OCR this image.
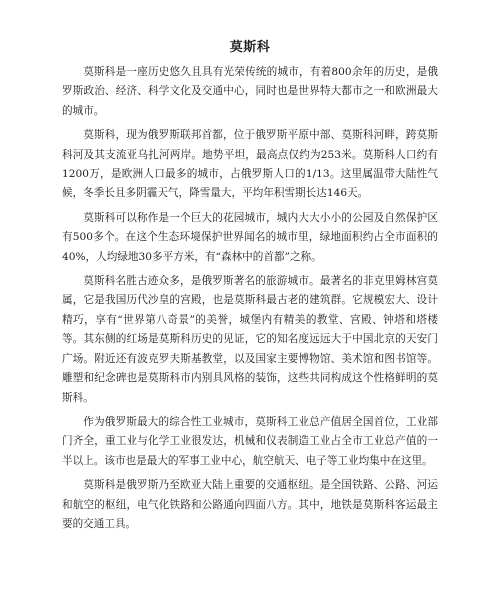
莫斯科

莫斯科是一座历史悠久且具有光荣传统的城市，有着800余年的历史，是俄罗斯政治、经济、科学文化及交通中心，同时也是世界特大都市之一和欧洲最大的城市。

莫斯科，现为俄罗斯联邦首都，位于俄罗斯平原中部、莫斯科河畔，跨莫斯科河及其支流亚乌扎河两岸。地势平坦，最高点仅约为253米。莫斯科人口约有1200万，是欧洲人口最多的城市，占俄罗斯人口的1/13。这里属温带大陆性气候，冬季长且多阴霾天气，降雪量大，平均年积雪期长达146天。

莫斯科可以称作是一个巨大的花园城市，城内大大小小的公园及自然保护区有500多个。在这个生态环境保护世界闻名的城市里，绿地面积约占全市面积的40%，人均绿地30多平方米，有“森林中的首都”之称。

莫斯科名胜古迹众多，是俄罗斯著名的旅游城市。最著名的非克里姆林宫莫属，它是我国历代沙皇的宫殿，也是莫斯科最古老的建筑群。它规模宏大、设计精巧，享有“世界第八奇景”的美誉，城堡内有精美的教堂、宫殿、钟塔和塔楼等。其东侧的红场是莫斯科历史的见证，它的知名度远远大于中国北京的天安门广场。附近还有波克罗夫斯基教堂，以及国家主要博物馆、美术馆和图书馆等。雕塑和纪念碑也是莫斯科市内别具风格的装饰，这些共同构成这个性格鲜明的莫斯科。

作为俄罗斯最大的综合性工业城市，莫斯科工业总产值居全国首位，工业部门齐全，重工业与化学工业很发达，机械和仪表制造工业占全市工业总产值的一半以上。该市也是最大的军事工业中心，航空航天、电子等工业均集中在这里。

莫斯科是俄罗斯乃至欧亚大陆上重要的交通枢纽。是全国铁路、公路、河运和航空的枢纽，电气化铁路和公路通向四面八方。其中，地铁是莫斯科客运最主要的交通工具。
